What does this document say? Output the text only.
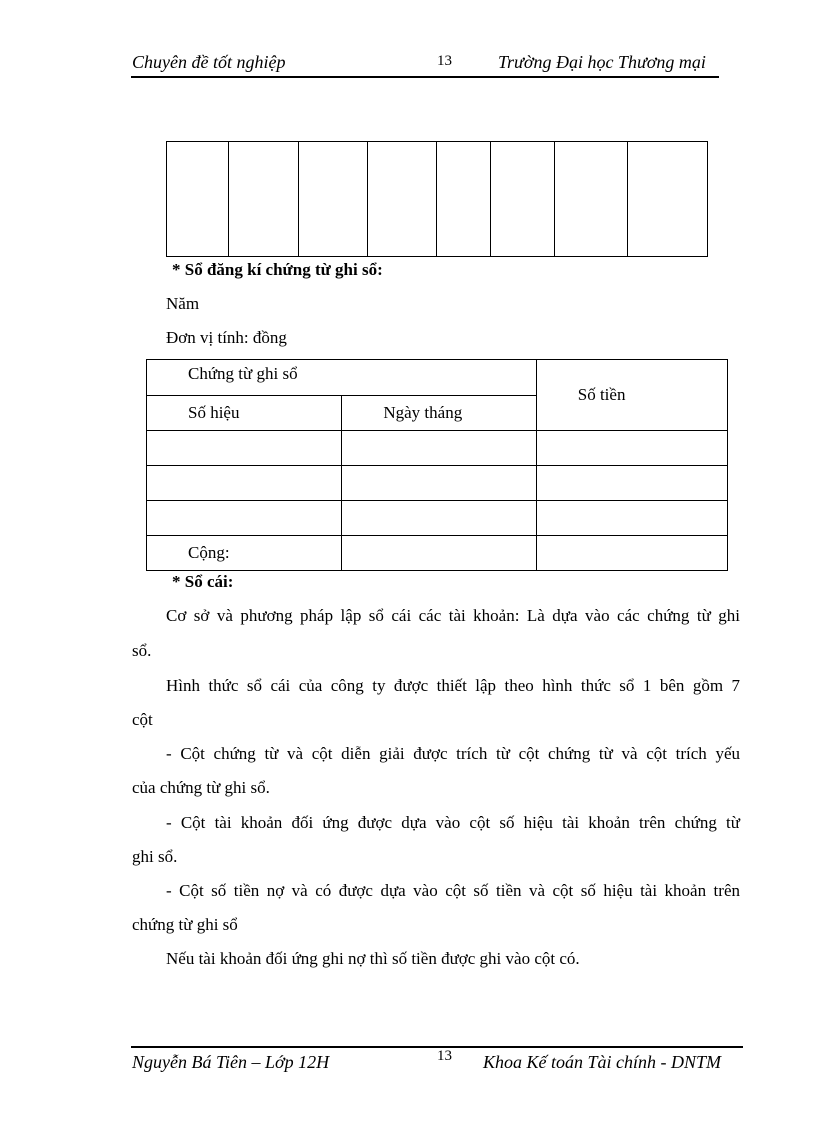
Chuyên đề tốt nghiệp	13	Trường Đại học Thương mại

* Sổ đăng kí chứng từ ghi sổ:
Năm
Đơn vị tính: đồng
Chứng từ ghi sổ		Số tiền
Số hiệu	Ngày tháng	

Cộng:		
* Sổ cái:
Cơ sở và phương pháp lập sổ cái các tài khoản: Là dựa vào các chứng từ ghi
sổ.
Hình thức sổ cái của công ty được thiết lập theo hình thức sổ 1 bên gồm 7
cột
- Cột chứng từ và cột diễn giải được trích từ cột chứng từ và cột trích yếu
của chứng từ ghi sổ.
- Cột tài khoản đối ứng được dựa vào cột số hiệu tài khoản trên chứng từ
ghi sổ.
- Cột số tiền nợ và có được dựa vào cột số tiền và cột số hiệu tài khoản trên
chứng từ ghi sổ
Nếu tài khoản đối ứng ghi nợ thì số tiền được ghi vào cột có.
Nguyễn Bá Tiên – Lớp 12H	13 Khoa Kế toán Tài chính - DNTM
